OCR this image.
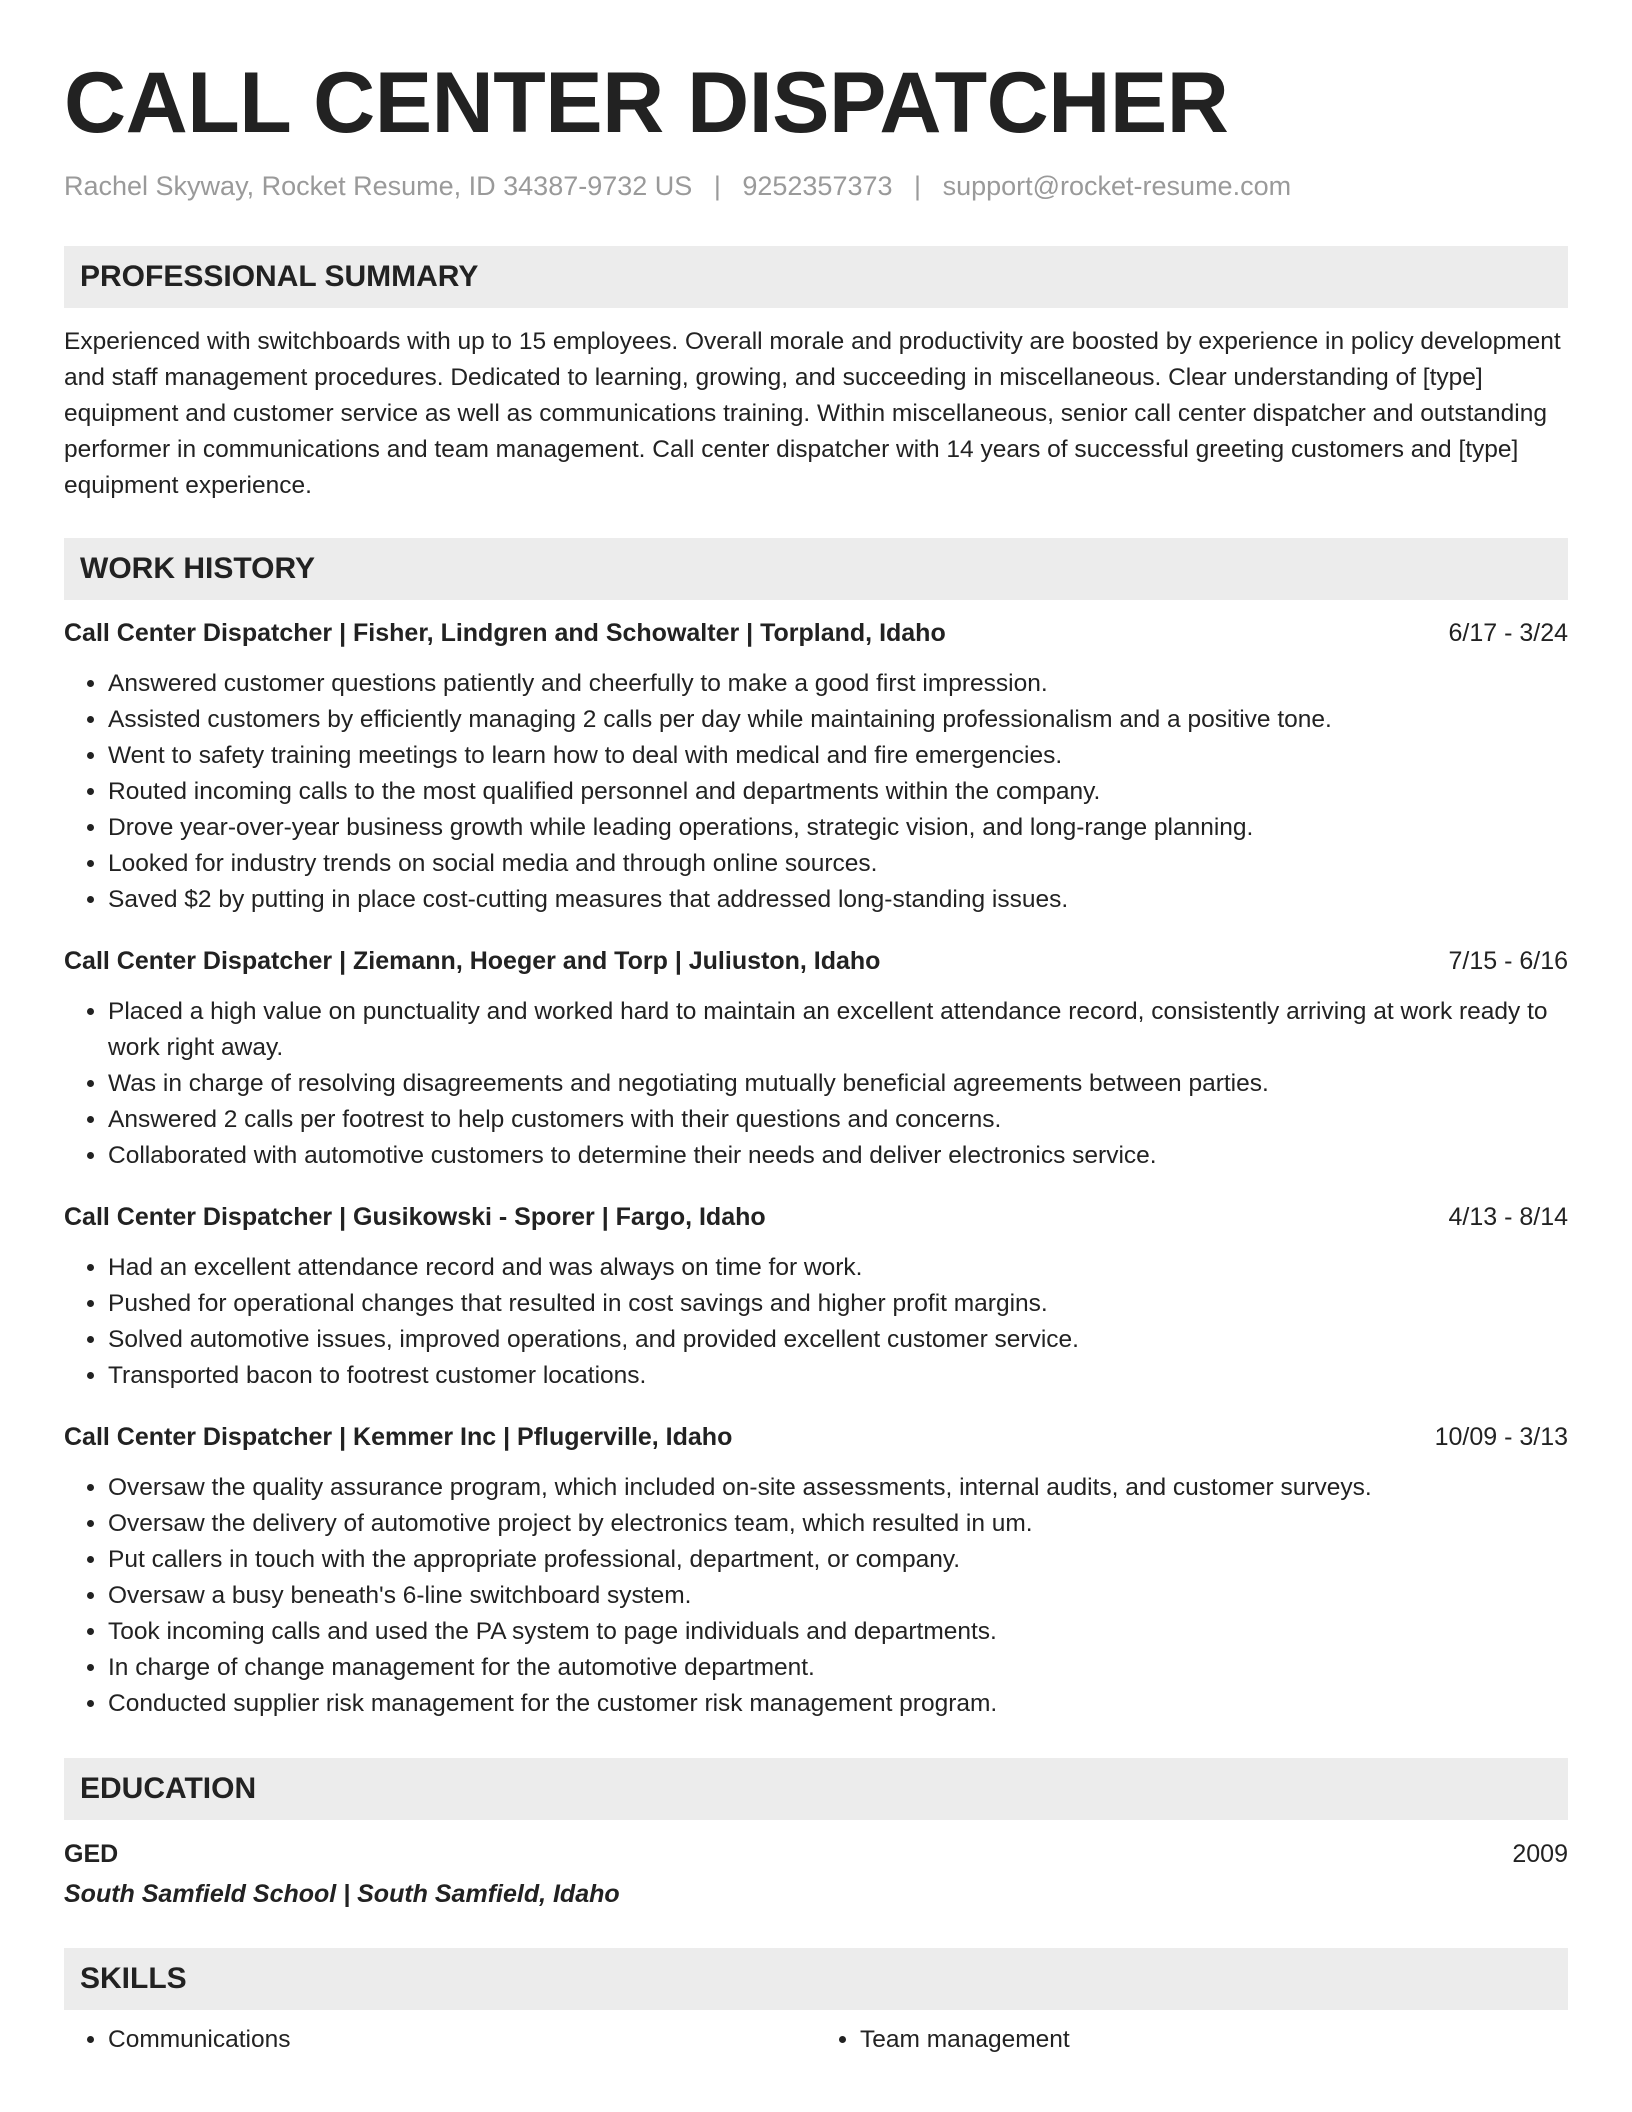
CALL CENTER DISPATCHER
Rachel Skyway, Rocket Resume, ID 34387-9732 US | 9252357373 | support@rocket-resume.com
PROFESSIONAL SUMMARY

Experienced with switchboards with up to 15 employees. Overall morale and productivity are boosted by experience in policy development and staff management procedures. Dedicated to learning, growing, and succeeding in miscellaneous. Clear understanding of [type] equipment and customer service as well as communications training. Within miscellaneous, senior call center dispatcher and outstanding performer in communications and team management. Call center dispatcher with 14 years of successful greeting customers and [type] equipment experience.

WORK HISTORY
Call Center Dispatcher | Fisher, Lindgren and Schowalter | Torpland, Idaho	6/17 - 3/24
• Answered customer questions patiently and cheerfully to make a good first impression.
• Assisted customers by efficiently managing 2 calls per day while maintaining professionalism and a positive tone.
• Went to safety training meetings to learn how to deal with medical and fire emergencies.
• Routed incoming calls to the most qualified personnel and departments within the company.
• Drove year-over-year business growth while leading operations, strategic vision, and long-range planning.
• Looked for industry trends on social media and through online sources.
• Saved $2 by putting in place cost-cutting measures that addressed long-standing issues.
Call Center Dispatcher | Ziemann, Hoeger and Torp | Juliuston, Idaho	7/15 - 6/16
• Placed a high value on punctuality and worked hard to maintain an excellent attendance record, consistently arriving at work ready to work right away.
• Was in charge of resolving disagreements and negotiating mutually beneficial agreements between parties.
• Answered 2 calls per footrest to help customers with their questions and concerns.
• Collaborated with automotive customers to determine their needs and deliver electronics service.
Call Center Dispatcher | Gusikowski - Sporer | Fargo, Idaho	4/13 - 8/14
• Had an excellent attendance record and was always on time for work.
• Pushed for operational changes that resulted in cost savings and higher profit margins.
• Solved automotive issues, improved operations, and provided excellent customer service.
• Transported bacon to footrest customer locations.
Call Center Dispatcher | Kemmer Inc | Pflugerville, Idaho	10/09 - 3/13
• Oversaw the quality assurance program, which included on-site assessments, internal audits, and customer surveys.
• Oversaw the delivery of automotive project by electronics team, which resulted in um.
• Put callers in touch with the appropriate professional, department, or company.
• Oversaw a busy beneath's 6-line switchboard system.
• Took incoming calls and used the PA system to page individuals and departments.
• In charge of change management for the automotive department.
• Conducted supplier risk management for the customer risk management program.
EDUCATION
GED	2009
South Samfield School | South Samfield, Idaho
SKILLS
• Communications
•	Team management
